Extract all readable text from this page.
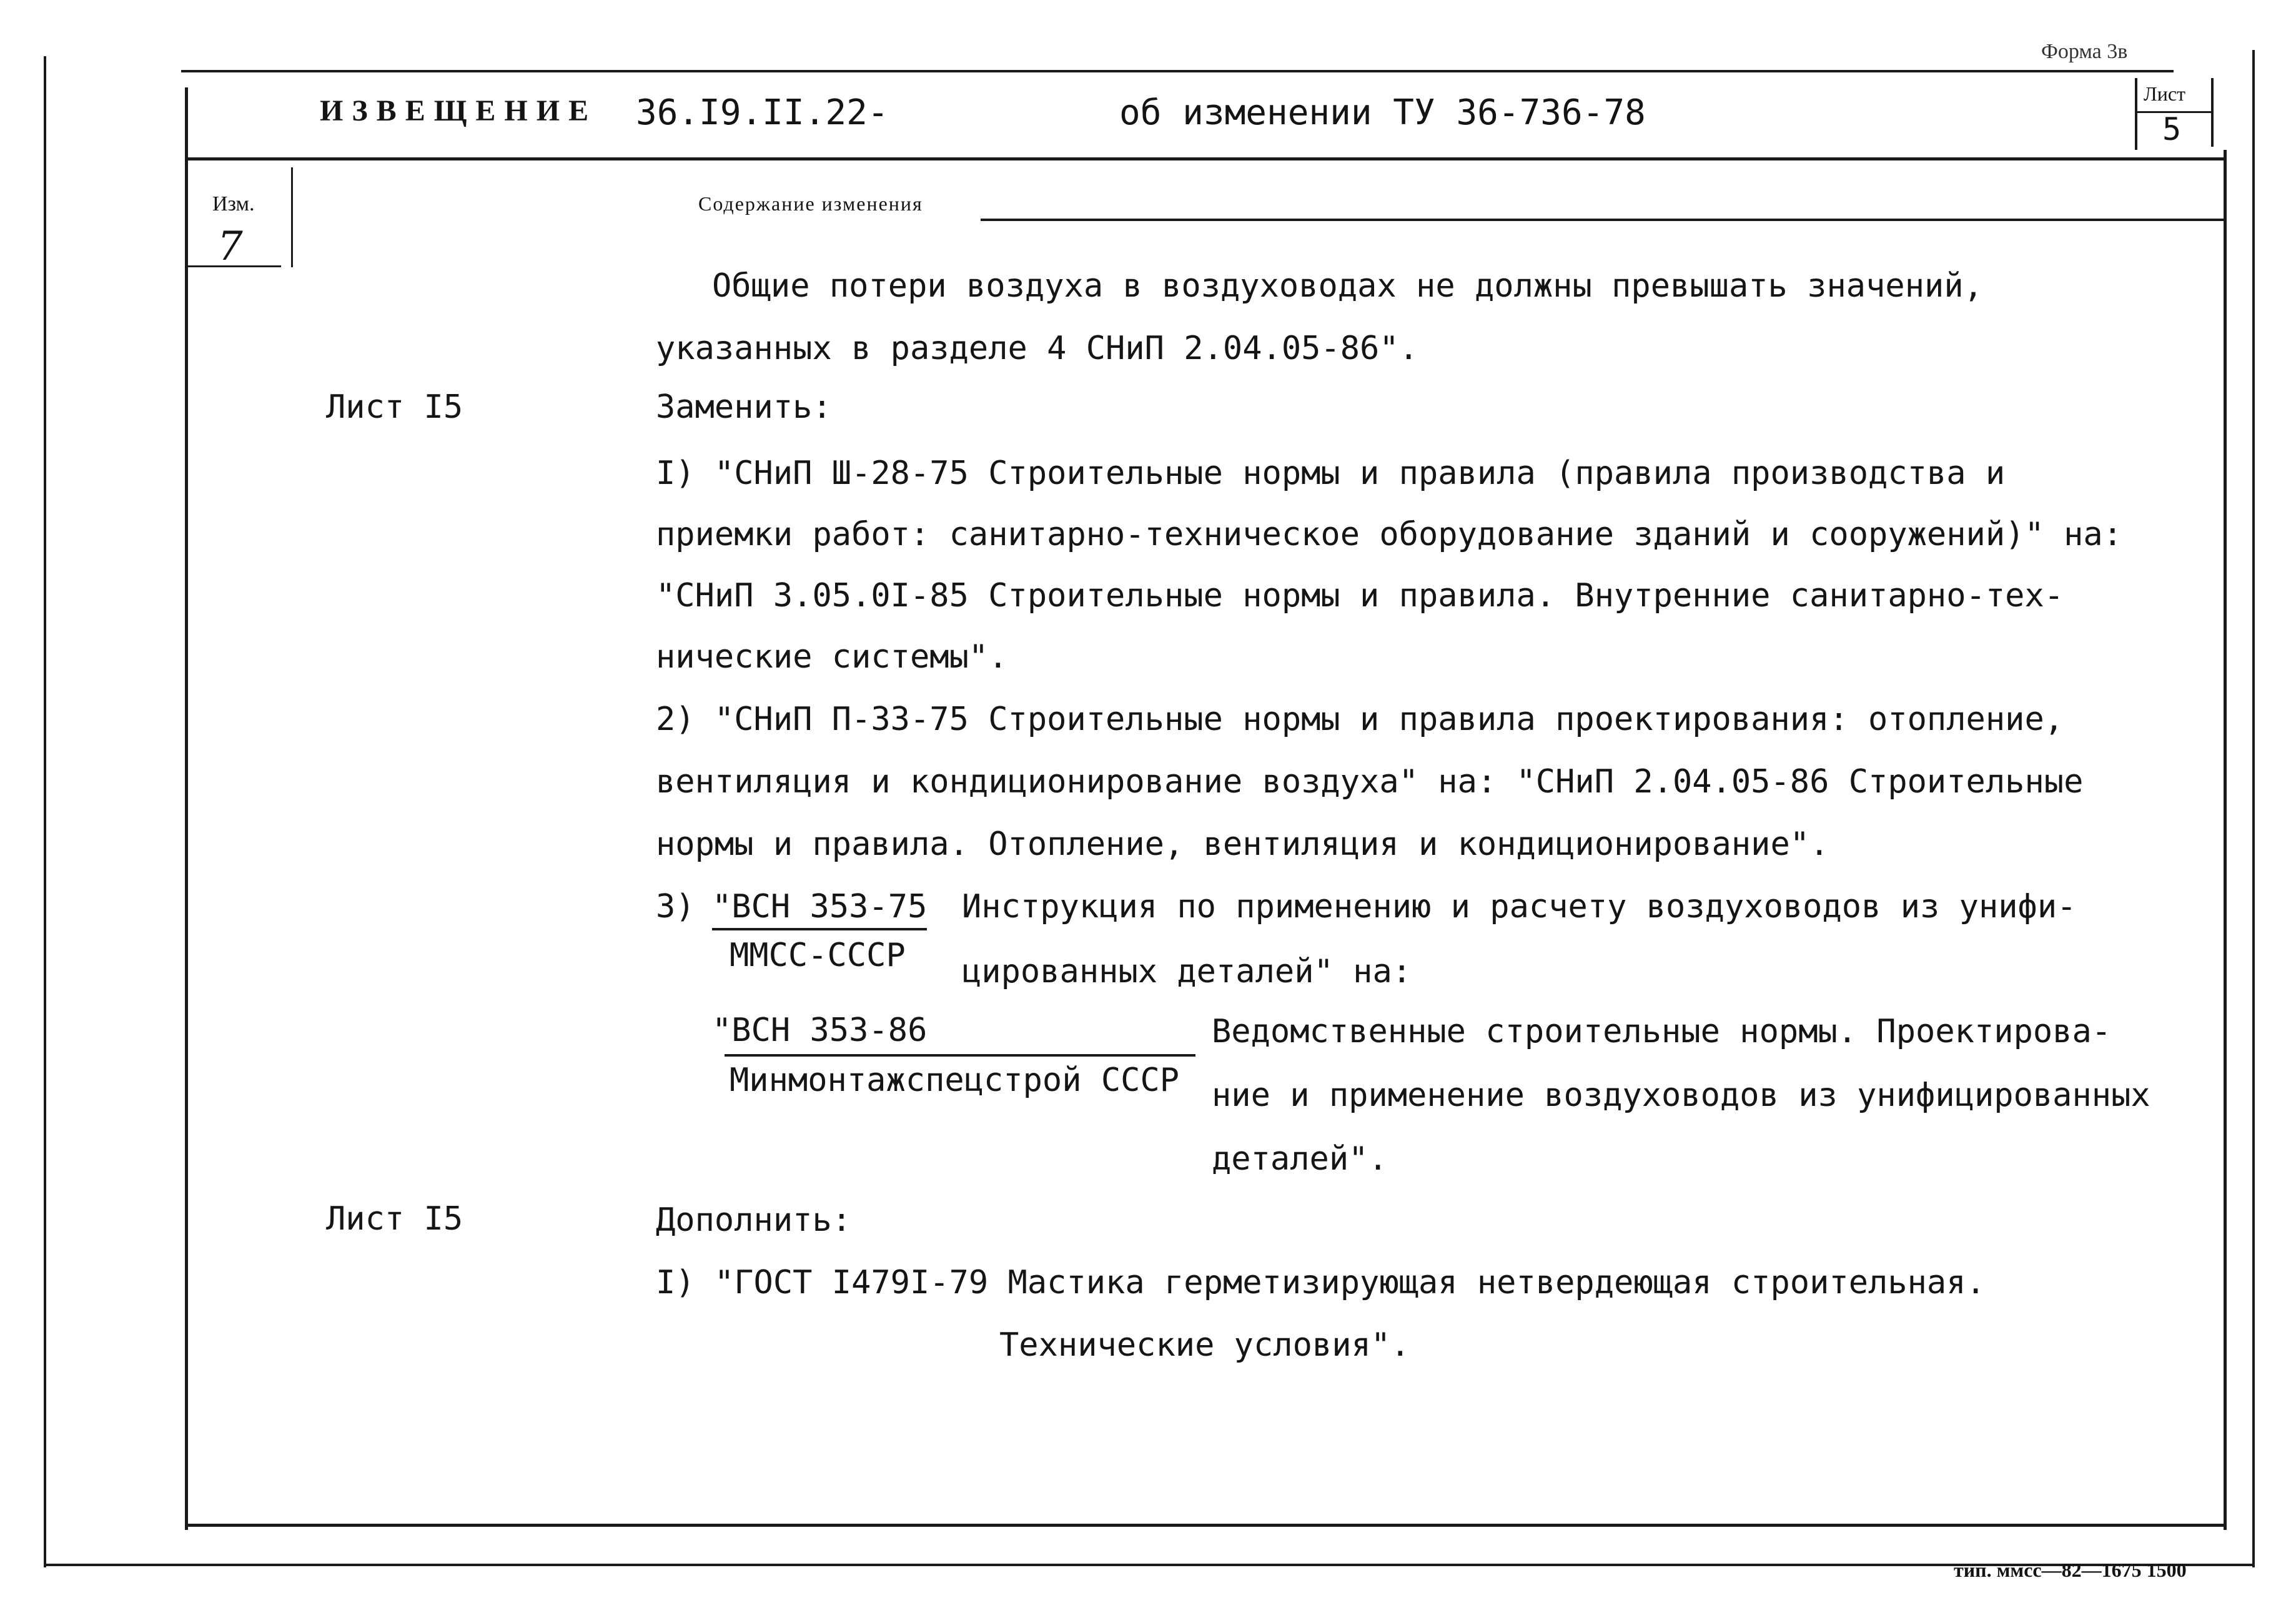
Форма 3в
ИЗВЕЩЕНИЕ 36.I9.II.22-	об изменении ТУ 36-736-78	Лист
5
Изм.	Содержание изменения
7
Общие потери воздуха в воздуховодах не должны превышать значений,
указанных в разделе 4 СНиП 2.04.05-86".
Лист I5	Заменить:
I) "СНиП Ш-28-75 Строительные нормы и правила (правила производства и
приемки работ: санитарно-техническое оборудование зданий и сооружений)" на:
"СНиП 3.05.0I-85 Строительные нормы и правила. Внутренние санитарно-тех-
нические системы".
2) "СНиП П-33-75 Строительные нормы и правила проектирования: отопление,
вентиляция и кондиционирование воздуха" на: "СНиП 2.04.05-86 Строительные
нормы и правила. Отопление, вентиляция и кондиционирование".
3) "ВСН 353-75
ММСС-СССР
Инструкция по применению и расчету воздуховодов из унифи-
цированных деталей" на:
"ВСН 353-86
Минмонтажспецстрой СССР
Ведомственные строительные нормы. Проектирова-
ние и применение воздуховодов из унифицированных
деталей".
Лист I5	Дополнить:
I) "ГОСТ I479I-79 Мастика герметизирующая нетвердеющая строительная.
Технические условия".
тип. ммсс—82—1675 1500
